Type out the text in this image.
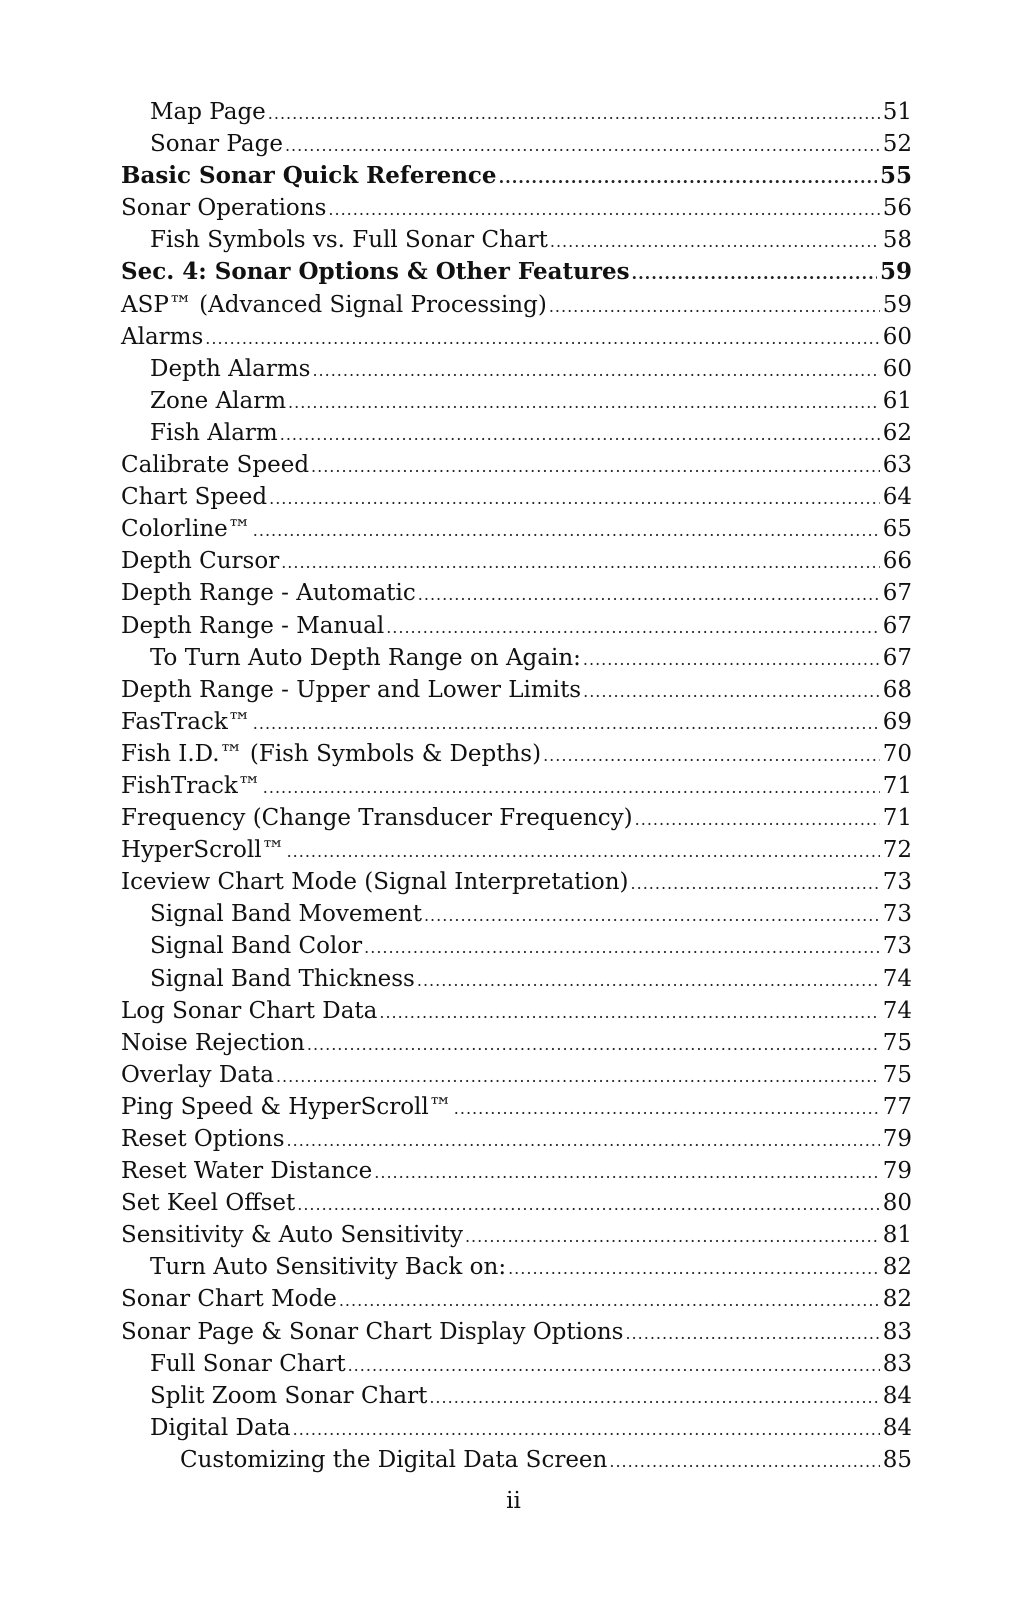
Map Page .....	51
Sonar Page .....	52
Basic Sonar Quick Reference .....	55
Sonar Operations .....	56
Fish Symbols vs. Full Sonar Chart .....	58
Sec. 4: Sonar Options & Other Features .....	59
ASP™ (Advanced Signal Processing) .....	59
Alarms .....	60
Depth Alarms .....	60
Zone Alarm .....	61
Fish Alarm .....	62
Calibrate Speed .....	63
Chart Speed .....	64
Colorline™ .....	65
Depth Cursor .....	66
Depth Range - Automatic .....	67
Depth Range - Manual .....	67
To Turn Auto Depth Range on Again: .....	67
Depth Range - Upper and Lower Limits .....	68
FasTrack™ .....	69
Fish I.D.™ (Fish Symbols & Depths) .....	70
FishTrack™ .....	71
Frequency (Change Transducer Frequency) .....	71
HyperScroll™ .....	72
Iceview Chart Mode (Signal Interpretation) .....	73
Signal Band Movement .....	73
Signal Band Color .....	73
Signal Band Thickness .....	74
Log Sonar Chart Data .....	74
Noise Rejection .....	75
Overlay Data .....	75
Ping Speed & HyperScroll™ .....	77
Reset Options .....	79
Reset Water Distance .....	79
Set Keel Offset .....	80
Sensitivity & Auto Sensitivity .....	81
Turn Auto Sensitivity Back on: .....	82
Sonar Chart Mode .....	82
Sonar Page & Sonar Chart Display Options .....	83
Full Sonar Chart .....	83
Split Zoom Sonar Chart .....	84
Digital Data .....	84
Customizing the Digital Data Screen .....	85
ii
